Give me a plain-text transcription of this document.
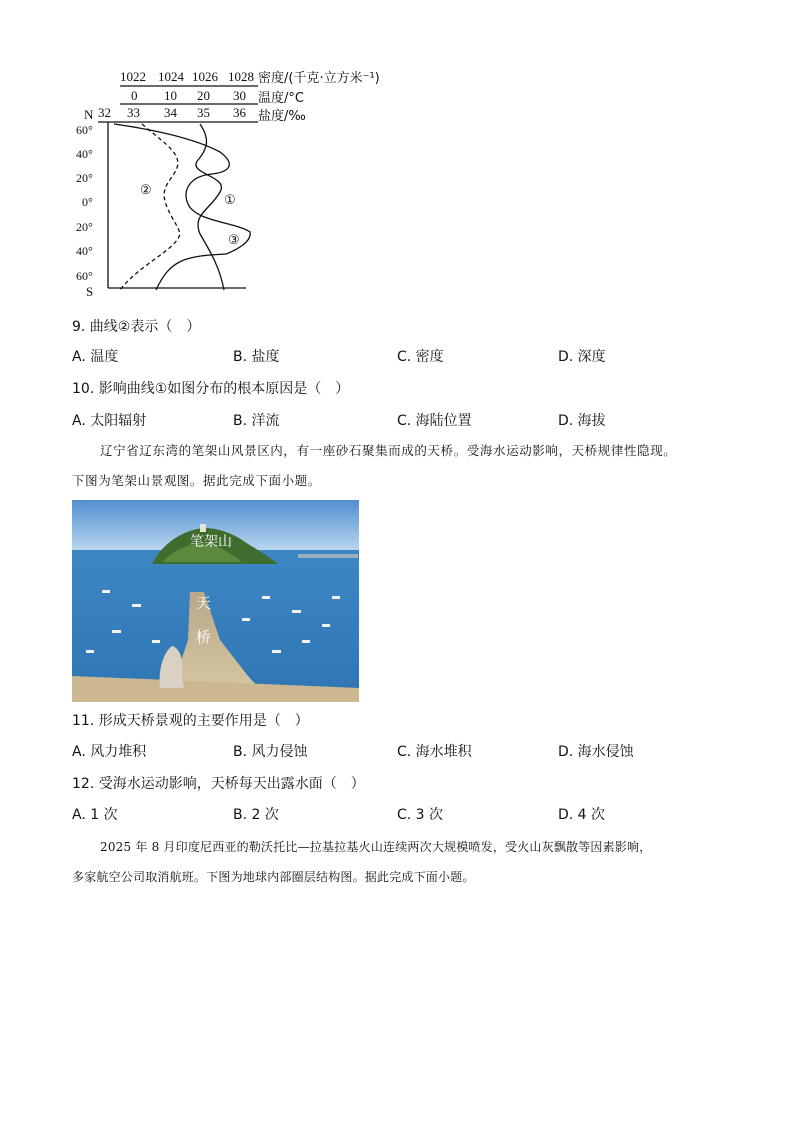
1022 1024 1026 1028 密度/(千克·立方米⁻¹)
0 10 20 30 温度/°C
N 32 33 34 35 36 盐度/‰
S
60°
40°
20°
0°
20°
40°
60°
①
②
③
9. 曲线②表示（　）
A. 温度	B. 盐度	C. 密度	D. 深度
10. 影响曲线①如图分布的根本原因是（　）
A. 太阳辐射	B. 洋流	C. 海陆位置	D. 海拔
辽宁省辽东湾的笔架山风景区内，有一座砂石聚集而成的天桥。受海水运动影响，天桥规律性隐现。
下图为笔架山景观图。据此完成下面小题。
笔架山
天
桥
11. 形成天桥景观的主要作用是（　）
A. 风力堆积	B. 风力侵蚀	C. 海水堆积	D. 海水侵蚀
12. 受海水运动影响，天桥每天出露水面（　）
A. 1 次	B. 2 次	C. 3 次	D. 4 次
2025 年 8 月印度尼西亚的勒沃托比—拉基拉基火山连续两次大规模喷发，受火山灰飘散等因素影响，
多家航空公司取消航班。下图为地球内部圈层结构图。据此完成下面小题。
